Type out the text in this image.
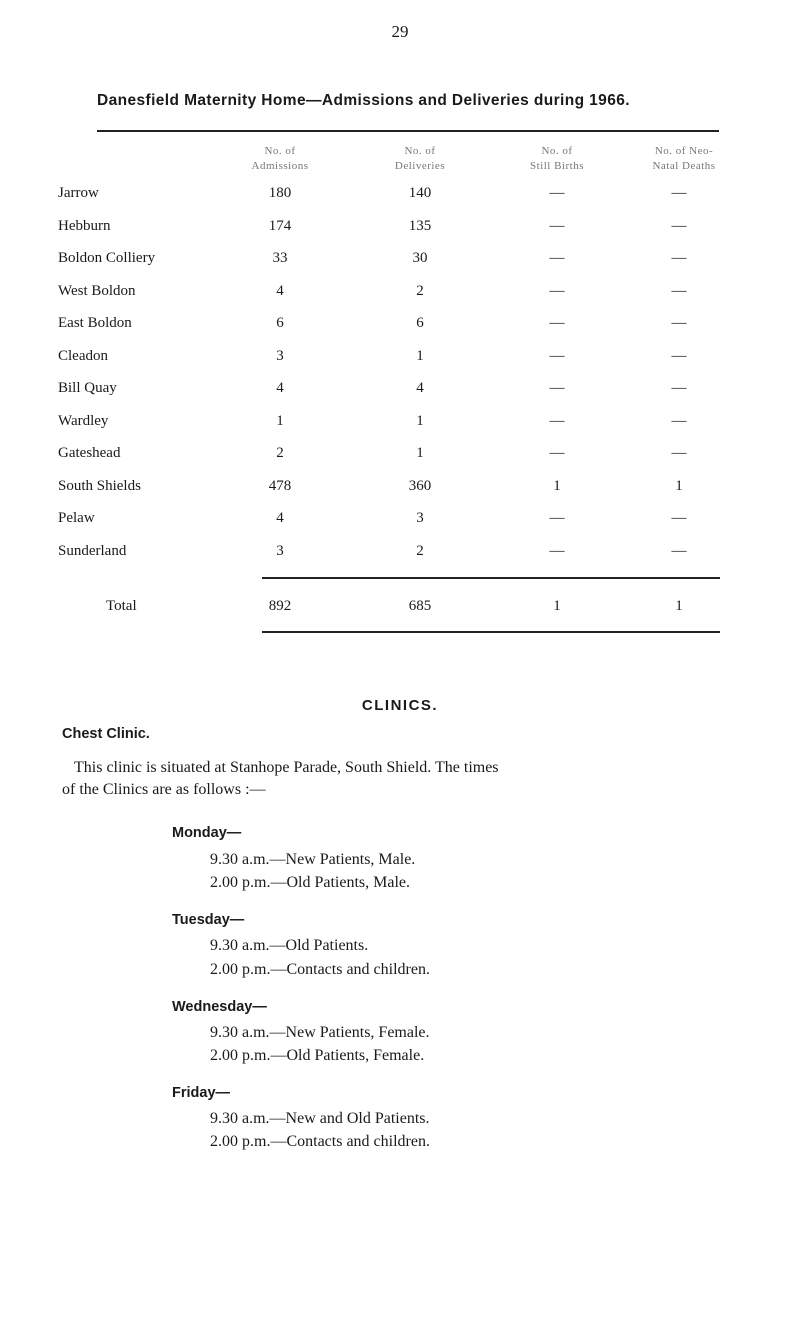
29
Danesfield Maternity Home—Admissions and Deliveries during 1966.
No. of
Admissions
No. of
Deliveries
No. of
Still Births
No. of Neo-
Natal Deaths
Jarrow	180	140	—	—
Hebburn	174	135	—	—
Boldon Colliery	33	30	—	—
West Boldon	4	2	—	—
East Boldon	6	6	—	—
Cleadon	3	1	—	—
Bill Quay	4	4	—	—
Wardley	1	1	—	—
Gateshead	2	1	—	—
South Shields	478	360	1	1
Pelaw	4	3	—	—
Sunderland	3	2	—	—
Total	892	685	1	1
CLINICS.
Chest Clinic.
This clinic is situated at Stanhope Parade, South Shield. The times
of the Clinics are as follows :—
Monday—
9.30 a.m.—New Patients, Male.
2.00 p.m.—Old Patients, Male.
Tuesday—
9.30 a.m.—Old Patients.
2.00 p.m.—Contacts and children.
Wednesday—
9.30 a.m.—New Patients, Female.
2.00 p.m.—Old Patients, Female.
Friday—
9.30 a.m.—New and Old Patients.
2.00 p.m.—Contacts and children.
